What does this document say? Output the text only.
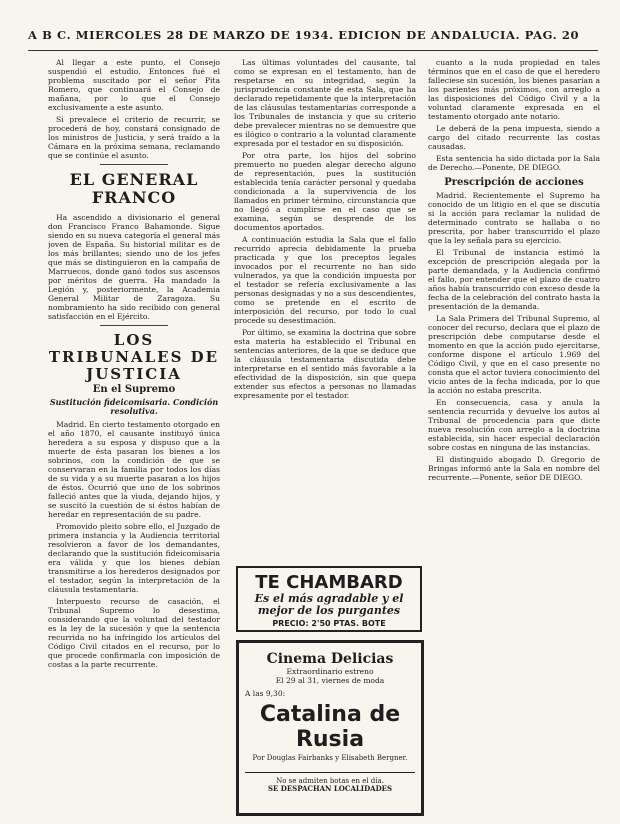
A B C. MIERCOLES 28 DE MARZO DE 1934. EDICION DE ANDALUCIA. PAG. 20

Al llegar a este punto, el Consejo suspendió el estudio. Entonces fué el problema suscitado por el señor Pita Romero, que continuará el Consejo de mañana, por lo que el Consejo exclusivamente a este asunto.

Si prevalece el criterio de recurrir, se procederá de hoy, constará consignado de los ministros de Justicia, y será traído a la Cámara en la próxima semana, reclamando que se continúe el asunto.

EL GENERAL FRANCO

Ha ascendido a divisionario el general don Francisco Franco Bahamonde. Sigue siendo en su nueva categoría el general más joven de España. Su historial militar es de los más brillantes; siendo uno de los jefes que más se distinguieron en la campaña de Marruecos, donde ganó todos sus ascensos por méritos de guerra. Ha mandado la Legión y, posteriormente, la Academia General Militar de Zaragoza. Su nombramiento ha sido recibido con general satisfacción en el Ejército.

LOS TRIBUNALES DE JUSTICIA
En el Supremo
Sustitución fideicomisaria. Condición resolutiva.

Madrid. En cierto testamento otorgado en el año 1870, el causante instituyó única heredera a su esposa y dispuso que a la muerte de ésta pasaran los bienes a los sobrinos, con la condición de que se conservaran en la familia por todos los días de su vida y a su muerte pasaran a los hijos de éstos. Ocurrió que uno de los sobrinos falleció antes que la viuda, dejando hijos, y se suscitó la cuestión de si éstos habían de heredar en representación de su padre.

Promovido pleito sobre ello, el Juzgado de primera instancia y la Audiencia territorial resolvieron a favor de los demandantes, declarando que la sustitución fideicomisaria era válida y que los bienes debían transmitirse a los herederos designados por el testador, según la interpretación de la cláusula testamentaria.

Interpuesto recurso de casación, el Tribunal Supremo lo desestima, considerando que la voluntad del testador es la ley de la sucesión y que la sentencia recurrida no ha infringido los artículos del Código Civil citados en el recurso, por lo que procede confirmarla con imposición de costas a la parte recurrente.

Las últimas voluntades del causante, tal como se expresan en el testamento, han de respetarse en su integridad, según la jurisprudencia constante de esta Sala, que ha declarado repetidamente que la interpretación de las cláusulas testamentarias corresponde a los Tribunales de instancia y que su criterio debe prevalecer mientras no se demuestre que es ilógico o contrario a la voluntad claramente expresada por el testador en su disposición.

Por otra parte, los hijos del sobrino premuerto no pueden alegar derecho alguno de representación, pues la sustitución establecida tenía carácter personal y quedaba condicionada a la supervivencia de los llamados en primer término, circunstancia que no llegó a cumplirse en el caso que se examina, según se desprende de los documentos aportados.

A continuación estudia la Sala que el fallo recurrido aprecia debidamente la prueba practicada y que los preceptos legales invocados por el recurrente no han sido vulnerados, ya que la condición impuesta por el testador se refería exclusivamente a las personas designadas y no a sus descendientes, como se pretende en el escrito de interposición del recurso, por todo lo cual procede su desestimación.

Por último, se examina la doctrina que sobre esta materia ha establecido el Tribunal en sentencias anteriores, de la que se deduce que la cláusula testamentaria discutida debe interpretarse en el sentido más favorable a la efectividad de la disposición, sin que quepa extender sus efectos a personas no llamadas expresamente por el testador.

TE CHAMBARD
Es el más agradable y el
mejor de los purgantes
PRECIO: 2'50 PTAS. BOTE
Cinema Delicias
Extraordinario estreno
El 29 al 31, viernes de moda
A las 9,30:
Catalina de Rusia
Por Douglas Fairbanks y Elisabeth Bergner.
No se admiten botas en el día.
SE DESPACHAN LOCALIDADES

cuanto a la nuda propiedad en tales términos que en el caso de que el heredero falleciese sin sucesión, los bienes pasarían a los parientes más próximos, con arreglo a las disposiciones del Código Civil y a la voluntad claramente expresada en el testamento otorgado ante notario.

Le deberá de la pena impuesta, siendo a cargo del citado recurrente las costas causadas.

Esta sentencia ha sido dictada por la Sala de Derecho.—Ponente, DE DIEGO.

Prescripción de acciones

Madrid. Recientemente el Supremo ha conocido de un litigio en el que se discutía si la acción para reclamar la nulidad de determinado contrato se hallaba o no prescrita, por haber transcurrido el plazo que la ley señala para su ejercicio.

El Tribunal de instancia estimó la excepción de prescripción alegada por la parte demandada, y la Audiencia confirmó el fallo, por entender que el plazo de cuatro años había transcurrido con exceso desde la fecha de la celebración del contrato hasta la presentación de la demanda.

La Sala Primera del Tribunal Supremo, al conocer del recurso, declara que el plazo de prescripción debe computarse desde el momento en que la acción pudo ejercitarse, conforme dispone el artículo 1.969 del Código Civil, y que en el caso presente no consta que el actor tuviera conocimiento del vicio antes de la fecha indicada, por lo que la acción no estaba prescrita.

En consecuencia, casa y anula la sentencia recurrida y devuelve los autos al Tribunal de procedencia para que dicte nueva resolución con arreglo a la doctrina establecida, sin hacer especial declaración sobre costas en ninguna de las instancias.

El distinguido abogado D. Gregorio de Bringas informó ante la Sala en nombre del recurrente.—Ponente, señor DE DIEGO.
